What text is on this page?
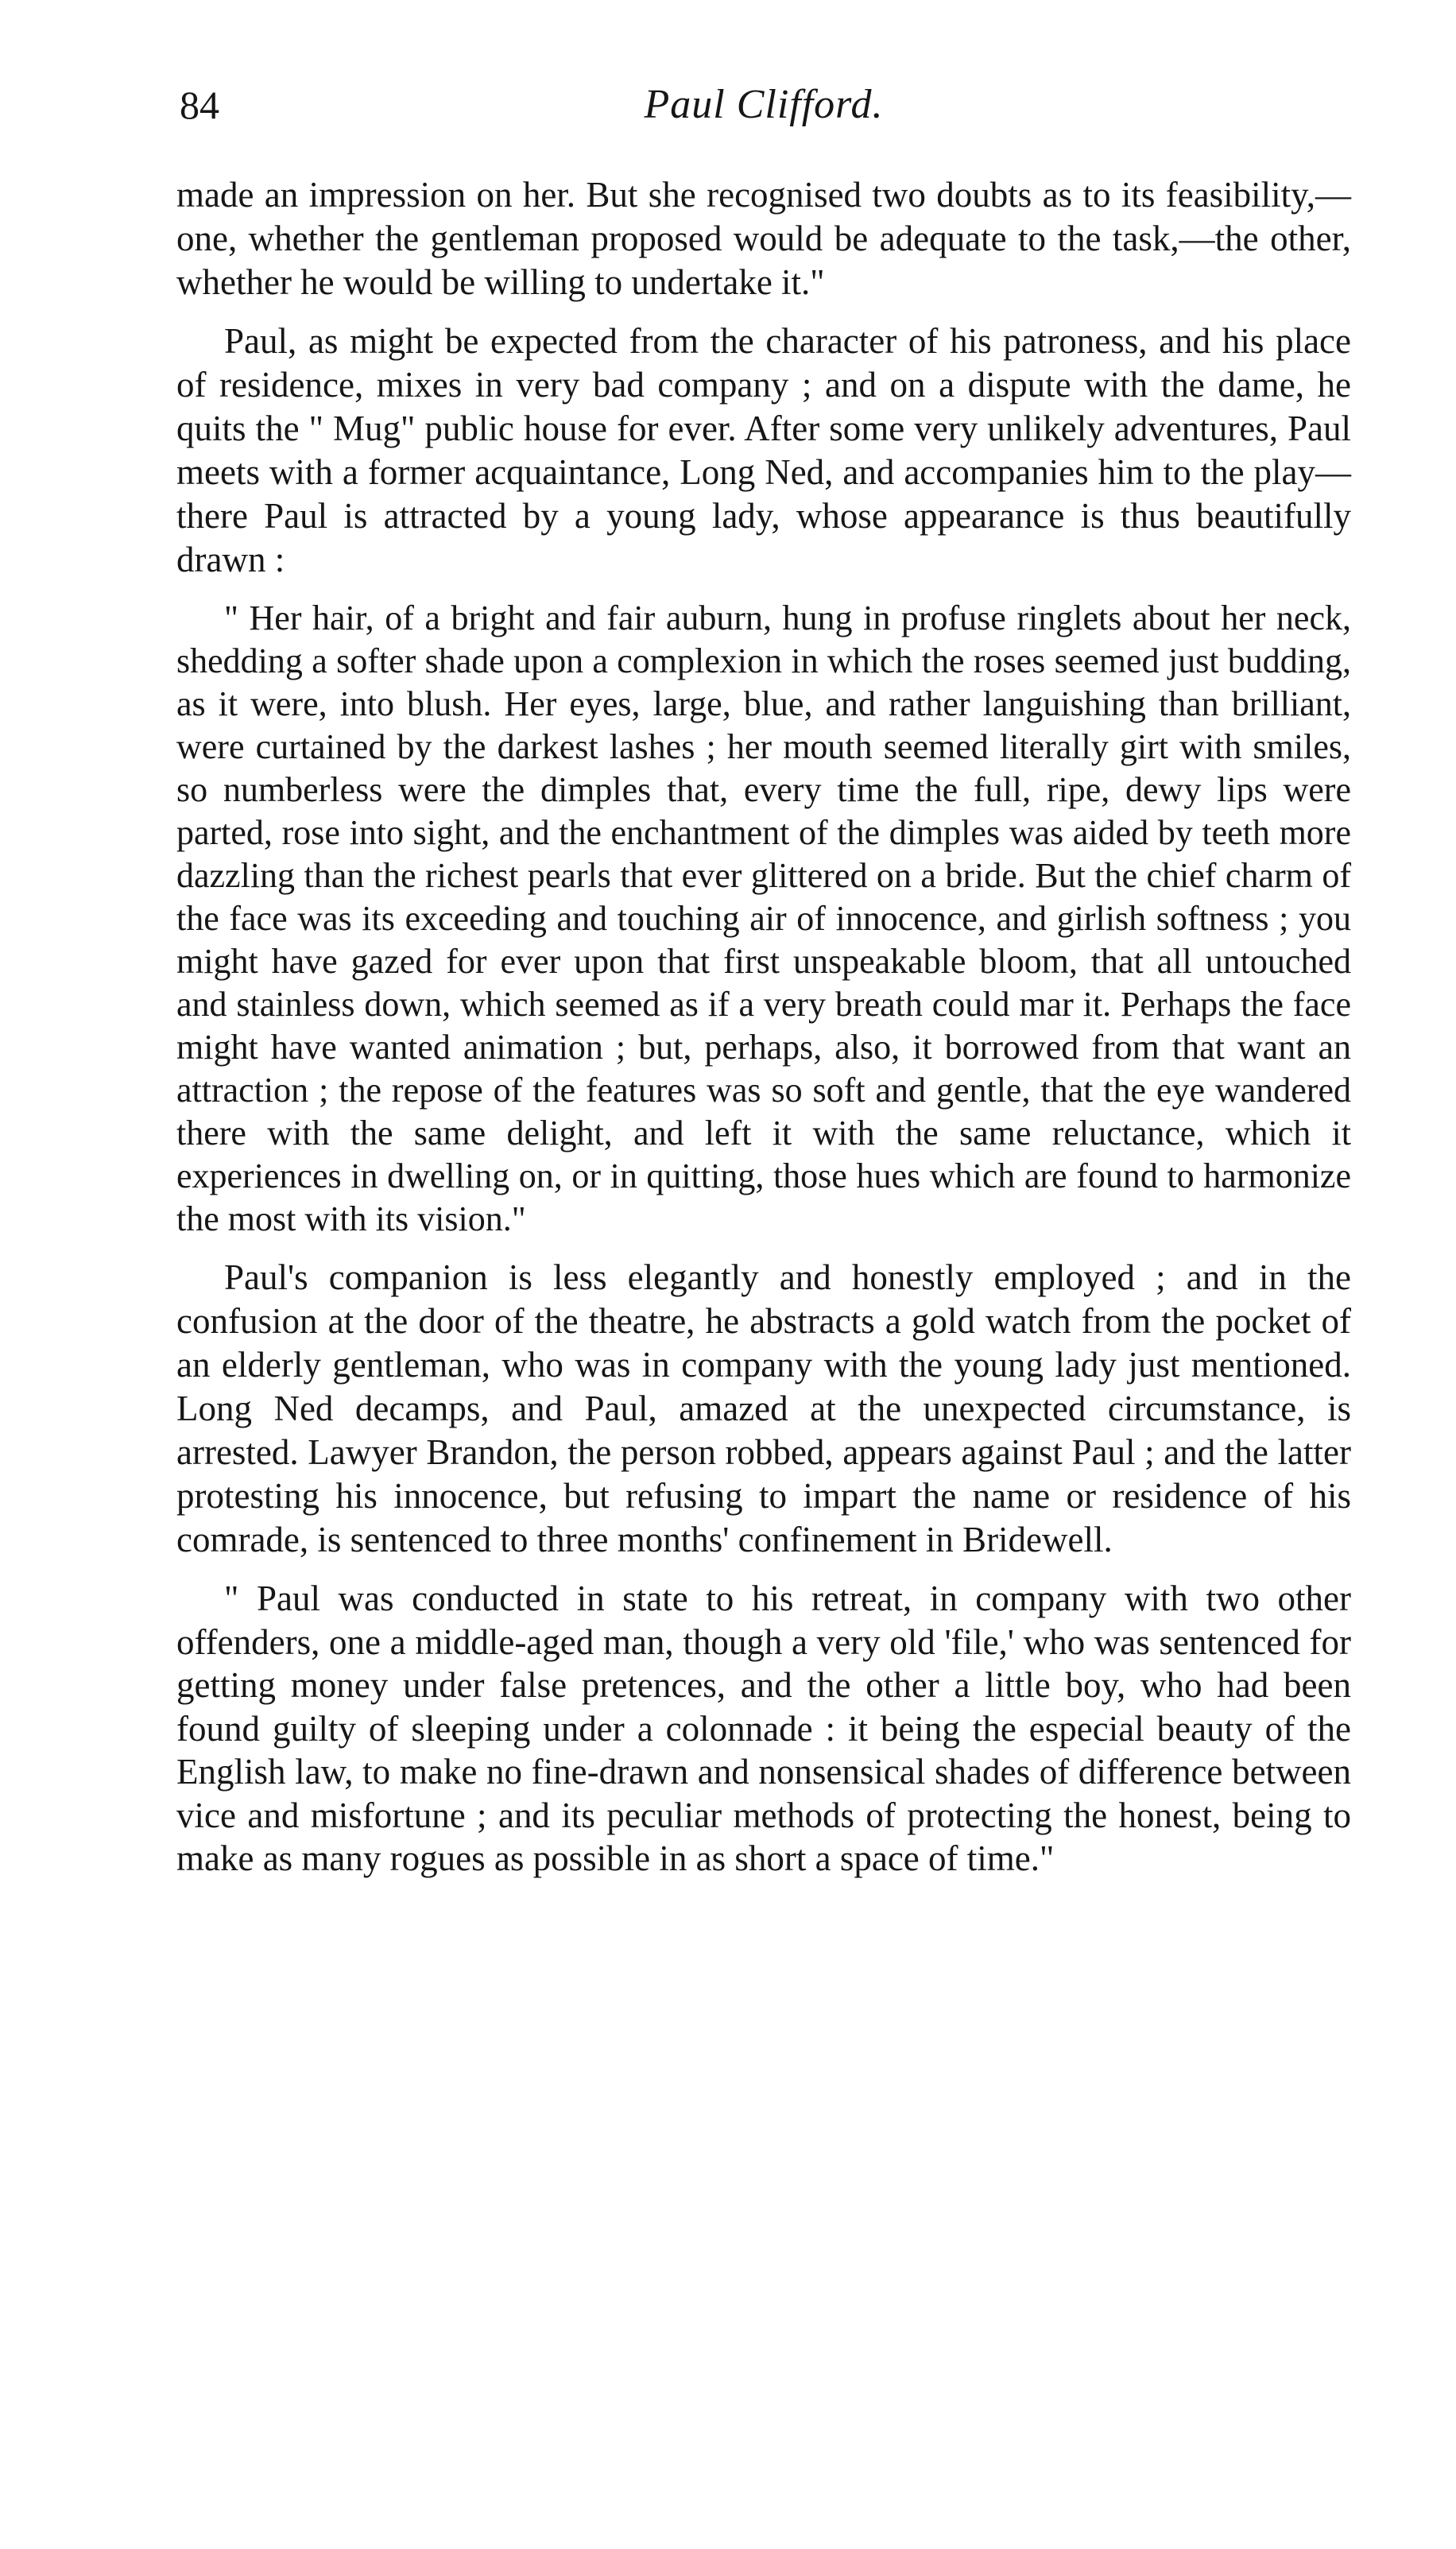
84	Paul Clifford.

made an impression on her. But she recognised two doubts as to its feasibility,—one, whether the gentleman proposed would be adequate to the task,—the other, whether he would be willing to undertake it."

Paul, as might be expected from the character of his patroness, and his place of residence, mixes in very bad company ; and on a dispute with the dame, he quits the " Mug" public house for ever. After some very unlikely adventures, Paul meets with a former acquaintance, Long Ned, and accompanies him to the play—there Paul is attracted by a young lady, whose appearance is thus beautifully drawn :

" Her hair, of a bright and fair auburn, hung in profuse ringlets about her neck, shedding a softer shade upon a complexion in which the roses seemed just budding, as it were, into blush. Her eyes, large, blue, and rather languishing than brilliant, were curtained by the darkest lashes ; her mouth seemed literally girt with smiles, so numberless were the dimples that, every time the full, ripe, dewy lips were parted, rose into sight, and the enchantment of the dimples was aided by teeth more dazzling than the richest pearls that ever glittered on a bride. But the chief charm of the face was its exceeding and touching air of innocence, and girlish softness ; you might have gazed for ever upon that first unspeakable bloom, that all untouched and stainless down, which seemed as if a very breath could mar it. Perhaps the face might have wanted animation ; but, perhaps, also, it borrowed from that want an attraction ; the repose of the features was so soft and gentle, that the eye wandered there with the same delight, and left it with the same reluctance, which it experiences in dwelling on, or in quitting, those hues which are found to harmonize the most with its vision."

Paul's companion is less elegantly and honestly employed ; and in the confusion at the door of the theatre, he abstracts a gold watch from the pocket of an elderly gentleman, who was in company with the young lady just mentioned. Long Ned decamps, and Paul, amazed at the unexpected circumstance, is arrested. Lawyer Brandon, the person robbed, appears against Paul ; and the latter protesting his innocence, but refusing to impart the name or residence of his comrade, is sentenced to three months' confinement in Bridewell.

" Paul was conducted in state to his retreat, in company with two other offenders, one a middle-aged man, though a very old 'file,' who was sentenced for getting money under false pretences, and the other a little boy, who had been found guilty of sleeping under a colonnade : it being the especial beauty of the English law, to make no fine-drawn and nonsensical shades of difference between vice and misfortune ; and its peculiar methods of protecting the honest, being to make as many rogues as possible in as short a space of time."
